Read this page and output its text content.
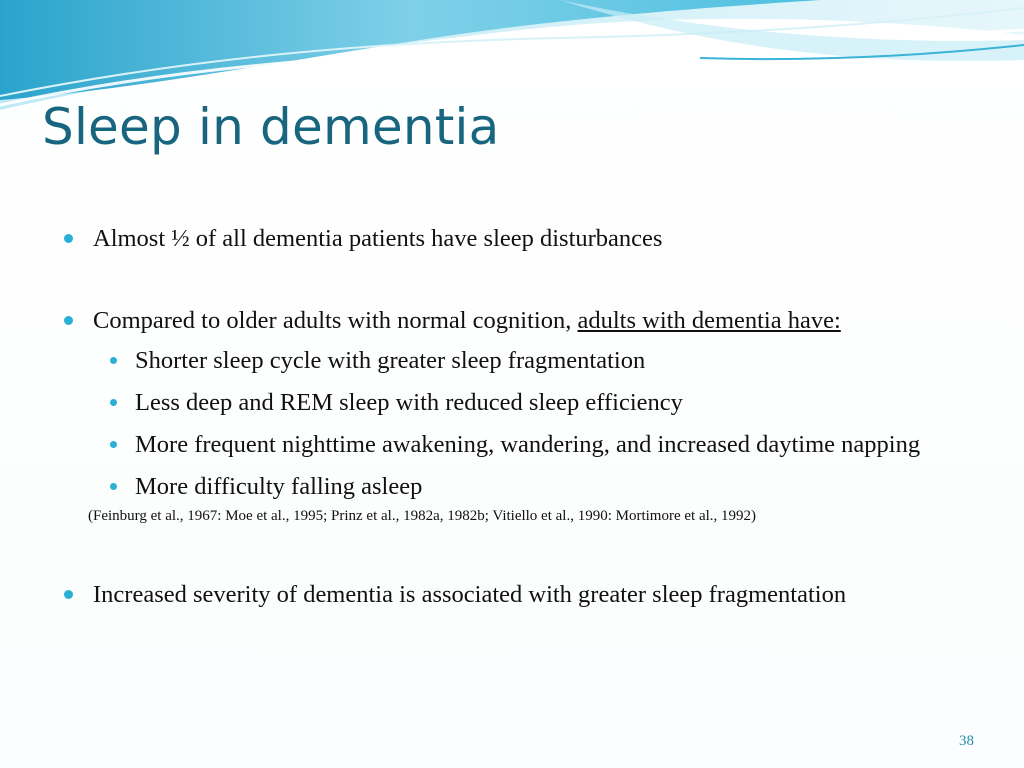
Sleep in dementia
Almost ½ of all dementia patients have sleep disturbances
Compared to older adults with normal cognition, adults with dementia have:
Shorter sleep cycle with greater sleep fragmentation
Less deep and REM sleep with reduced sleep efficiency
More frequent nighttime awakening, wandering, and increased daytime napping
More difficulty falling asleep
(Feinburg et al., 1967: Moe et al., 1995; Prinz et al., 1982a, 1982b; Vitiello et al., 1990: Mortimore et al., 1992)
Increased severity of dementia is associated with greater sleep fragmentation
38
